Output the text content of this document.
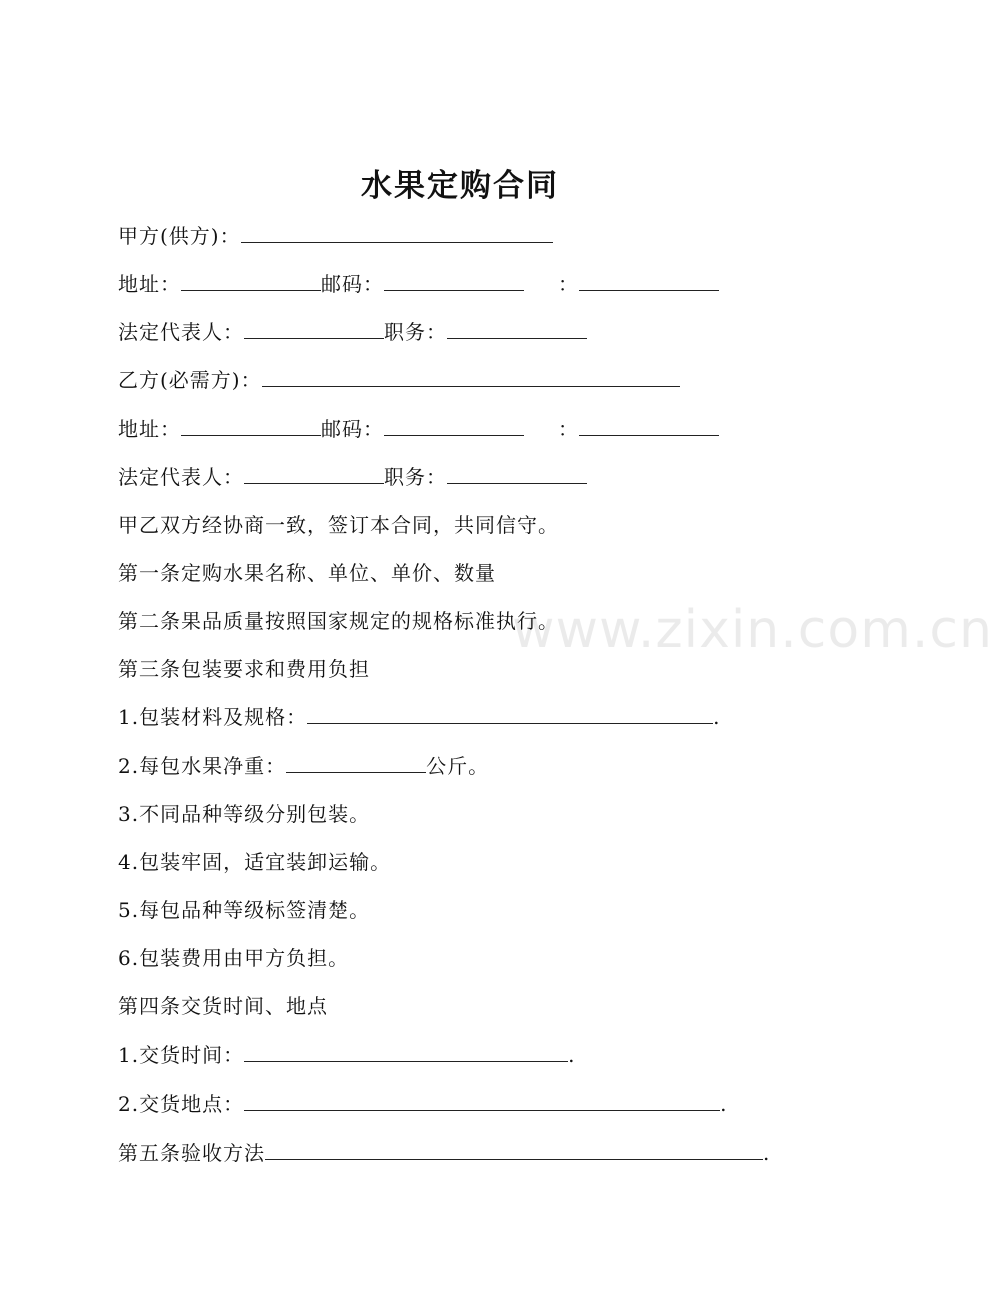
www.zixin.com.cn
水果定购合同
甲方(供方)：
地址：	邮码：	：
法定代表人：	职务：
乙方(必需方)：
地址：	邮码：	：
法定代表人：	职务：
甲乙双方经协商一致，签订本合同，共同信守。
第一条定购水果名称、单位、单价、数量
第二条果品质量按照国家规定的规格标准执行。
第三条包装要求和费用负担
1.包装材料及规格：	.
2.每包水果净重：	公斤。
3.不同品种等级分别包装。
4.包装牢固，适宜装卸运输。
5.每包品种等级标签清楚。
6.包装费用由甲方负担。
第四条交货时间、地点
1.交货时间：	.
2.交货地点：	.
第五条验收方法	.
